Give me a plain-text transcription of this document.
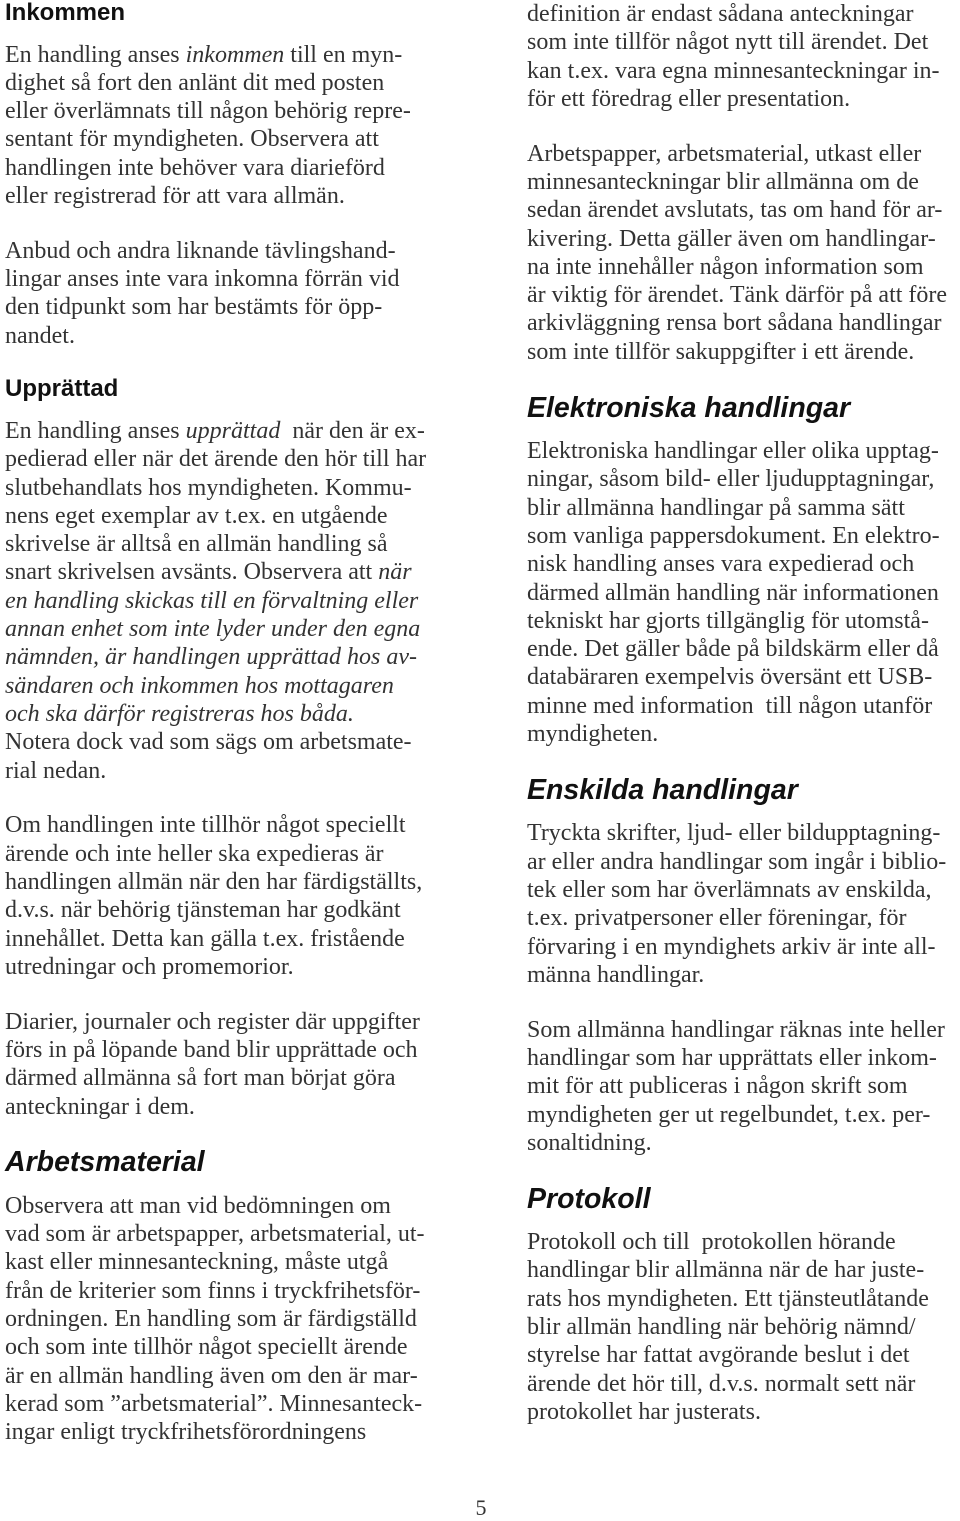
Inkommen
En handling anses inkommen till en myn-
dighet så fort den anlänt dit med posten
eller överlämnats till någon behörig repre-
sentant för myndigheten. Observera att
handlingen inte behöver vara diarieförd
eller registrerad för att vara allmän.
Anbud och andra liknande tävlingshand-
lingar anses inte vara inkomna förrän vid
den tidpunkt som har bestämts för öpp-
nandet.
Upprättad
En handling anses upprättad  när den är ex-
pedierad eller när det ärende den hör till har
slutbehandlats hos myndigheten. Kommu-
nens eget exemplar av t.ex. en utgående
skrivelse är alltså en allmän handling så
snart skrivelsen avsänts. Observera att när
en handling skickas till en förvaltning eller
annan enhet som inte lyder under den egna
nämnden, är handlingen upprättad hos av-
sändaren och inkommen hos mottagaren
och ska därför registreras hos båda.
Notera dock vad som sägs om arbetsmate-
rial nedan.
Om handlingen inte tillhör något speciellt
ärende och inte heller ska expedieras är
handlingen allmän när den har färdigställts,
d.v.s. när behörig tjänsteman har godkänt
innehållet. Detta kan gälla t.ex. fristående
utredningar och promemorior.
Diarier, journaler och register där uppgifter
förs in på löpande band blir upprättade och
därmed allmänna så fort man börjat göra
anteckningar i dem.
Arbetsmaterial
Observera att man vid bedömningen om
vad som är arbetspapper, arbetsmaterial, ut-
kast eller minnesanteckning, måste utgå
från de kriterier som finns i tryckfrihetsför-
ordningen. En handling som är färdigställd
och som inte tillhör något speciellt ärende
är en allmän handling även om den är mar-
kerad som ”arbetsmaterial”. Minnesanteck-
ingar enligt tryckfrihetsförordningens
definition är endast sådana anteckningar
som inte tillför något nytt till ärendet. Det
kan t.ex. vara egna minnesanteckningar in-
för ett föredrag eller presentation.
Arbetspapper, arbetsmaterial, utkast eller
minnesanteckningar blir allmänna om de
sedan ärendet avslutats, tas om hand för ar-
kivering. Detta gäller även om handlingar-
na inte innehåller någon information som
är viktig för ärendet. Tänk därför på att före
arkivläggning rensa bort sådana handlingar
som inte tillför sakuppgifter i ett ärende.
Elektroniska handlingar
Elektroniska handlingar eller olika upptag-
ningar, såsom bild- eller ljudupptagningar,
blir allmänna handlingar på samma sätt
som vanliga pappersdokument. En elektro-
nisk handling anses vara expedierad och
därmed allmän handling när informationen
tekniskt har gjorts tillgänglig för utomstå-
ende. Det gäller både på bildskärm eller då
databäraren exempelvis översänt ett USB-
minne med information  till någon utanför
myndigheten.
Enskilda handlingar
Tryckta skrifter, ljud- eller bildupptagning-
ar eller andra handlingar som ingår i biblio-
tek eller som har överlämnats av enskilda,
t.ex. privatpersoner eller föreningar, för
förvaring i en myndighets arkiv är inte all-
männa handlingar.
Som allmänna handlingar räknas inte heller
handlingar som har upprättats eller inkom-
mit för att publiceras i någon skrift som
myndigheten ger ut regelbundet, t.ex. per-
sonaltidning.
Protokoll
Protokoll och till  protokollen hörande
handlingar blir allmänna när de har juste-
rats hos myndigheten. Ett tjänsteutlåtande
blir allmän handling när behörig nämnd/
styrelse har fattat avgörande beslut i det
ärende det hör till, d.v.s. normalt sett när
protokollet har justerats.
5
